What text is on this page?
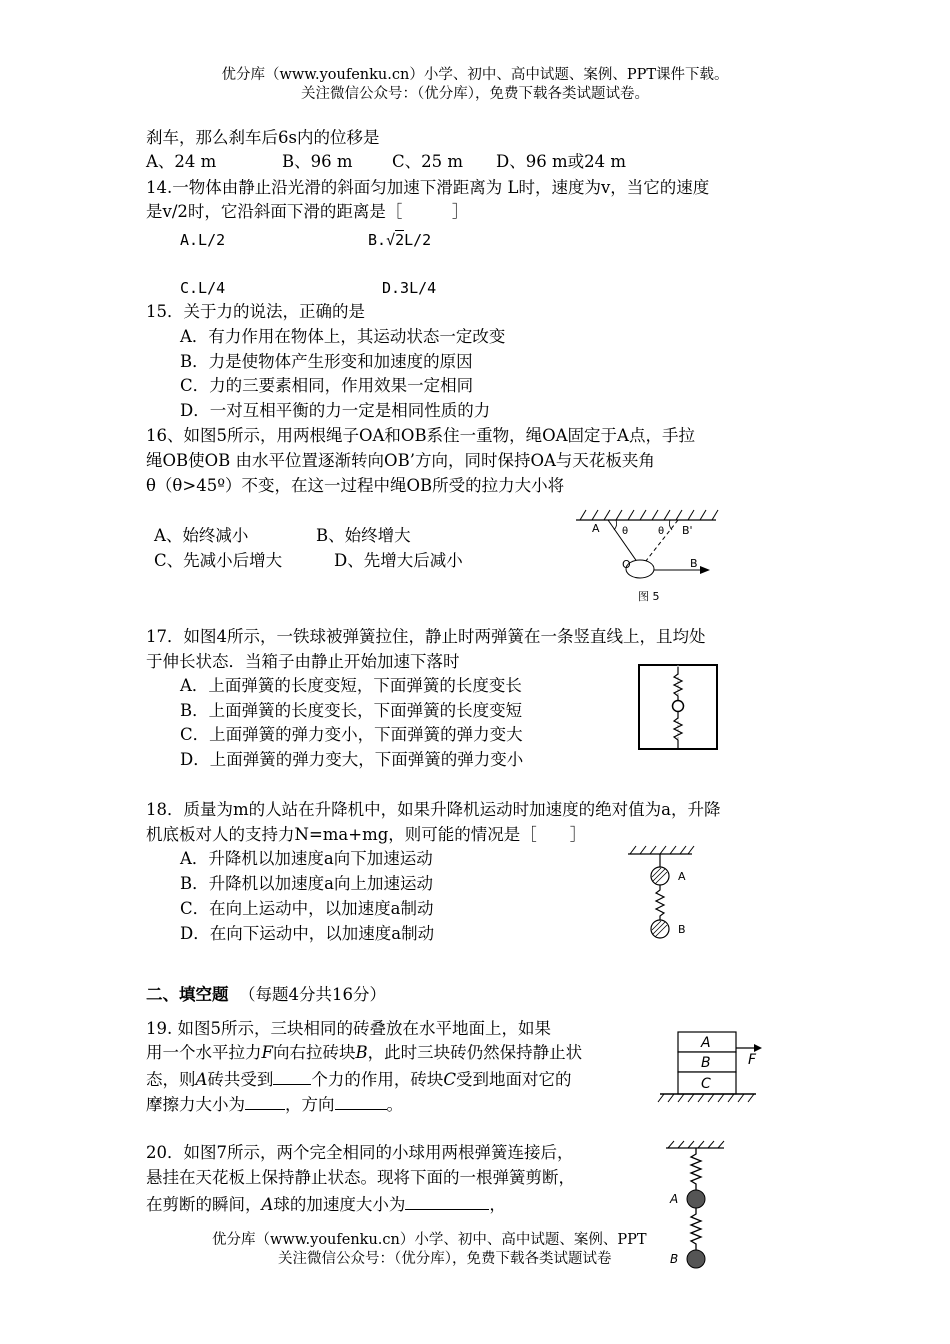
优分库（www.youfenku.cn）小学、初中、高中试题、案例、PPT课件下载。
关注微信公众号：（优分库），免费下载各类试题试卷。
刹车，那么刹车后6s内的位移是
A、24 m	B、96 m C、25 m D、96 m或24 m
14.一物体由静止沿光滑的斜面匀加速下滑距离为 L时，速度为v，当它的速度
是v/2时，它沿斜面下滑的距离是［　　　］
A.L/2	B.√2L/2
C.L/4	D.3L/4
15．关于力的说法，正确的是
A．有力作用在物体上，其运动状态一定改变
B．力是使物体产生形变和加速度的原因
C．力的三要素相同，作用效果一定相同
D．一对互相平衡的力一定是相同性质的力
16、如图5所示，用两根绳子OA和OB系住一重物，绳OA固定于A点，手拉
绳OB使OB 由水平位置逐渐转向OB’方向，同时保持OA与天花板夹角
θ（θ>45º）不变，在这一过程中绳OB所受的拉力大小将
A、始终减小	B、始终增大
C、先减小后增大	D、先增大后减小
A θ	θ B'
O	B
图 5
17．如图4所示，一铁球被弹簧拉住，静止时两弹簧在一条竖直线上，且均处
于伸长状态．当箱子由静止开始加速下落时
A．上面弹簧的长度变短，下面弹簧的长度变长
B．上面弹簧的长度变长，下面弹簧的长度变短
C．上面弹簧的弹力变小，下面弹簧的弹力变大
D．上面弹簧的弹力变大，下面弹簧的弹力变小
18．质量为m的人站在升降机中，如果升降机运动时加速度的绝对值为a，升降
机底板对人的支持力N=ma+mg，则可能的情况是［　　］
A．升降机以加速度a向下加速运动
B．升降机以加速度a向上加速运动
C．在向上运动中，以加速度a制动
D．在向下运动中，以加速度a制动
A
B
二、填空题 （每题4分共16分）
19. 如图5所示，三块相同的砖叠放在水平地面上，如果
用一个水平拉力F向右拉砖块B，此时三块砖仍然保持静止状
态，则A砖共受到 个力的作用，砖块C受到地面对它的
摩擦力大小为 ，方向	。
A
B
C
F
20．如图7所示，两个完全相同的小球用两根弹簧连接后，
悬挂在天花板上保持静止状态。现将下面的一根弹簧剪断，
在剪断的瞬间，A球的加速度大小为	，	A
B
优分库（www.youfenku.cn）小学、初中、高中试题、案例、PPT
关注微信公众号：（优分库），免费下载各类试题试卷
